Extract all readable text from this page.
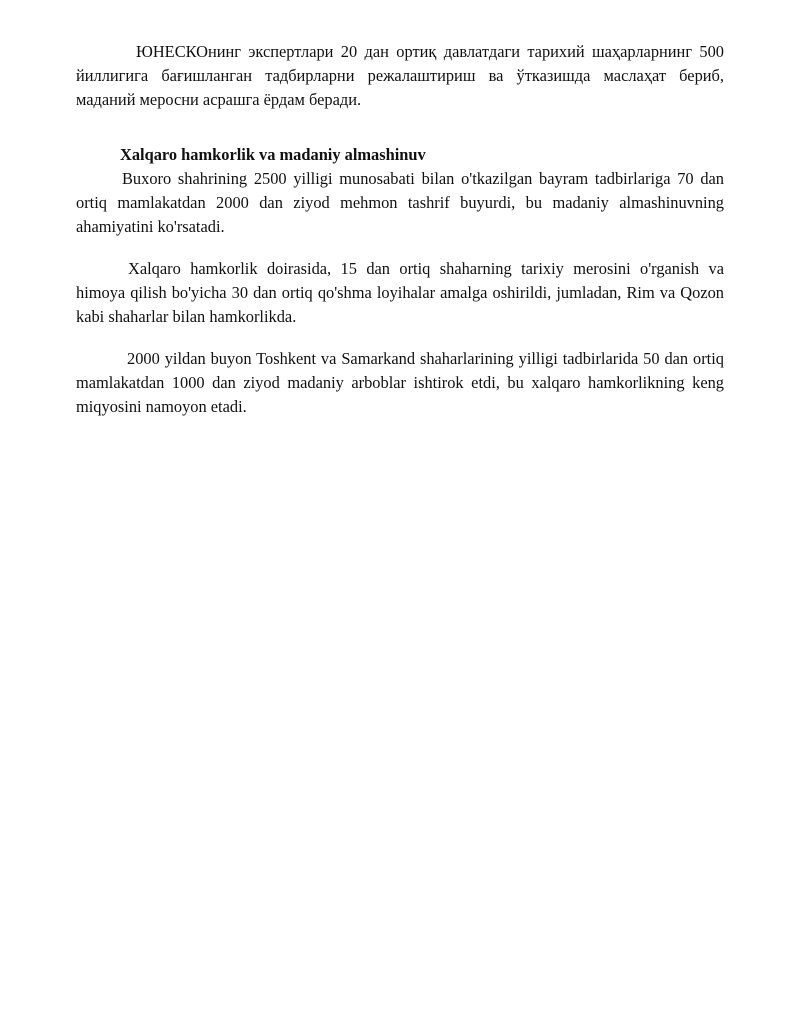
ЮНЕСКОнинг экспертлари 20 дан ортиқ давлатдаги тарихий шаҳарларнинг 500 йиллигига бағишланган тадбирларни режалаштириш ва ўтказишда маслаҳат бериб, маданий меросни асрашга ёрдам беради.

Xalqaro hamkorlik va madaniy almashinuv

Buxoro shahrining 2500 yilligi munosabati bilan o'tkazilgan bayram tadbirlariga 70 dan ortiq mamlakatdan 2000 dan ziyod mehmon tashrif buyurdi, bu madaniy almashinuvning ahamiyatini ko'rsatadi.

Xalqaro hamkorlik doirasida, 15 dan ortiq shaharning tarixiy merosini o'rganish va himoya qilish bo'yicha 30 dan ortiq qo'shma loyihalar amalga oshirildi, jumladan, Rim va Qozon kabi shaharlar bilan hamkorlikda.

2000 yildan buyon Toshkent va Samarkand shaharlarining yilligi tadbirlarida 50 dan ortiq mamlakatdan 1000 dan ziyod madaniy arboblar ishtirok etdi, bu xalqaro hamkorlikning keng miqyosini namoyon etadi.
